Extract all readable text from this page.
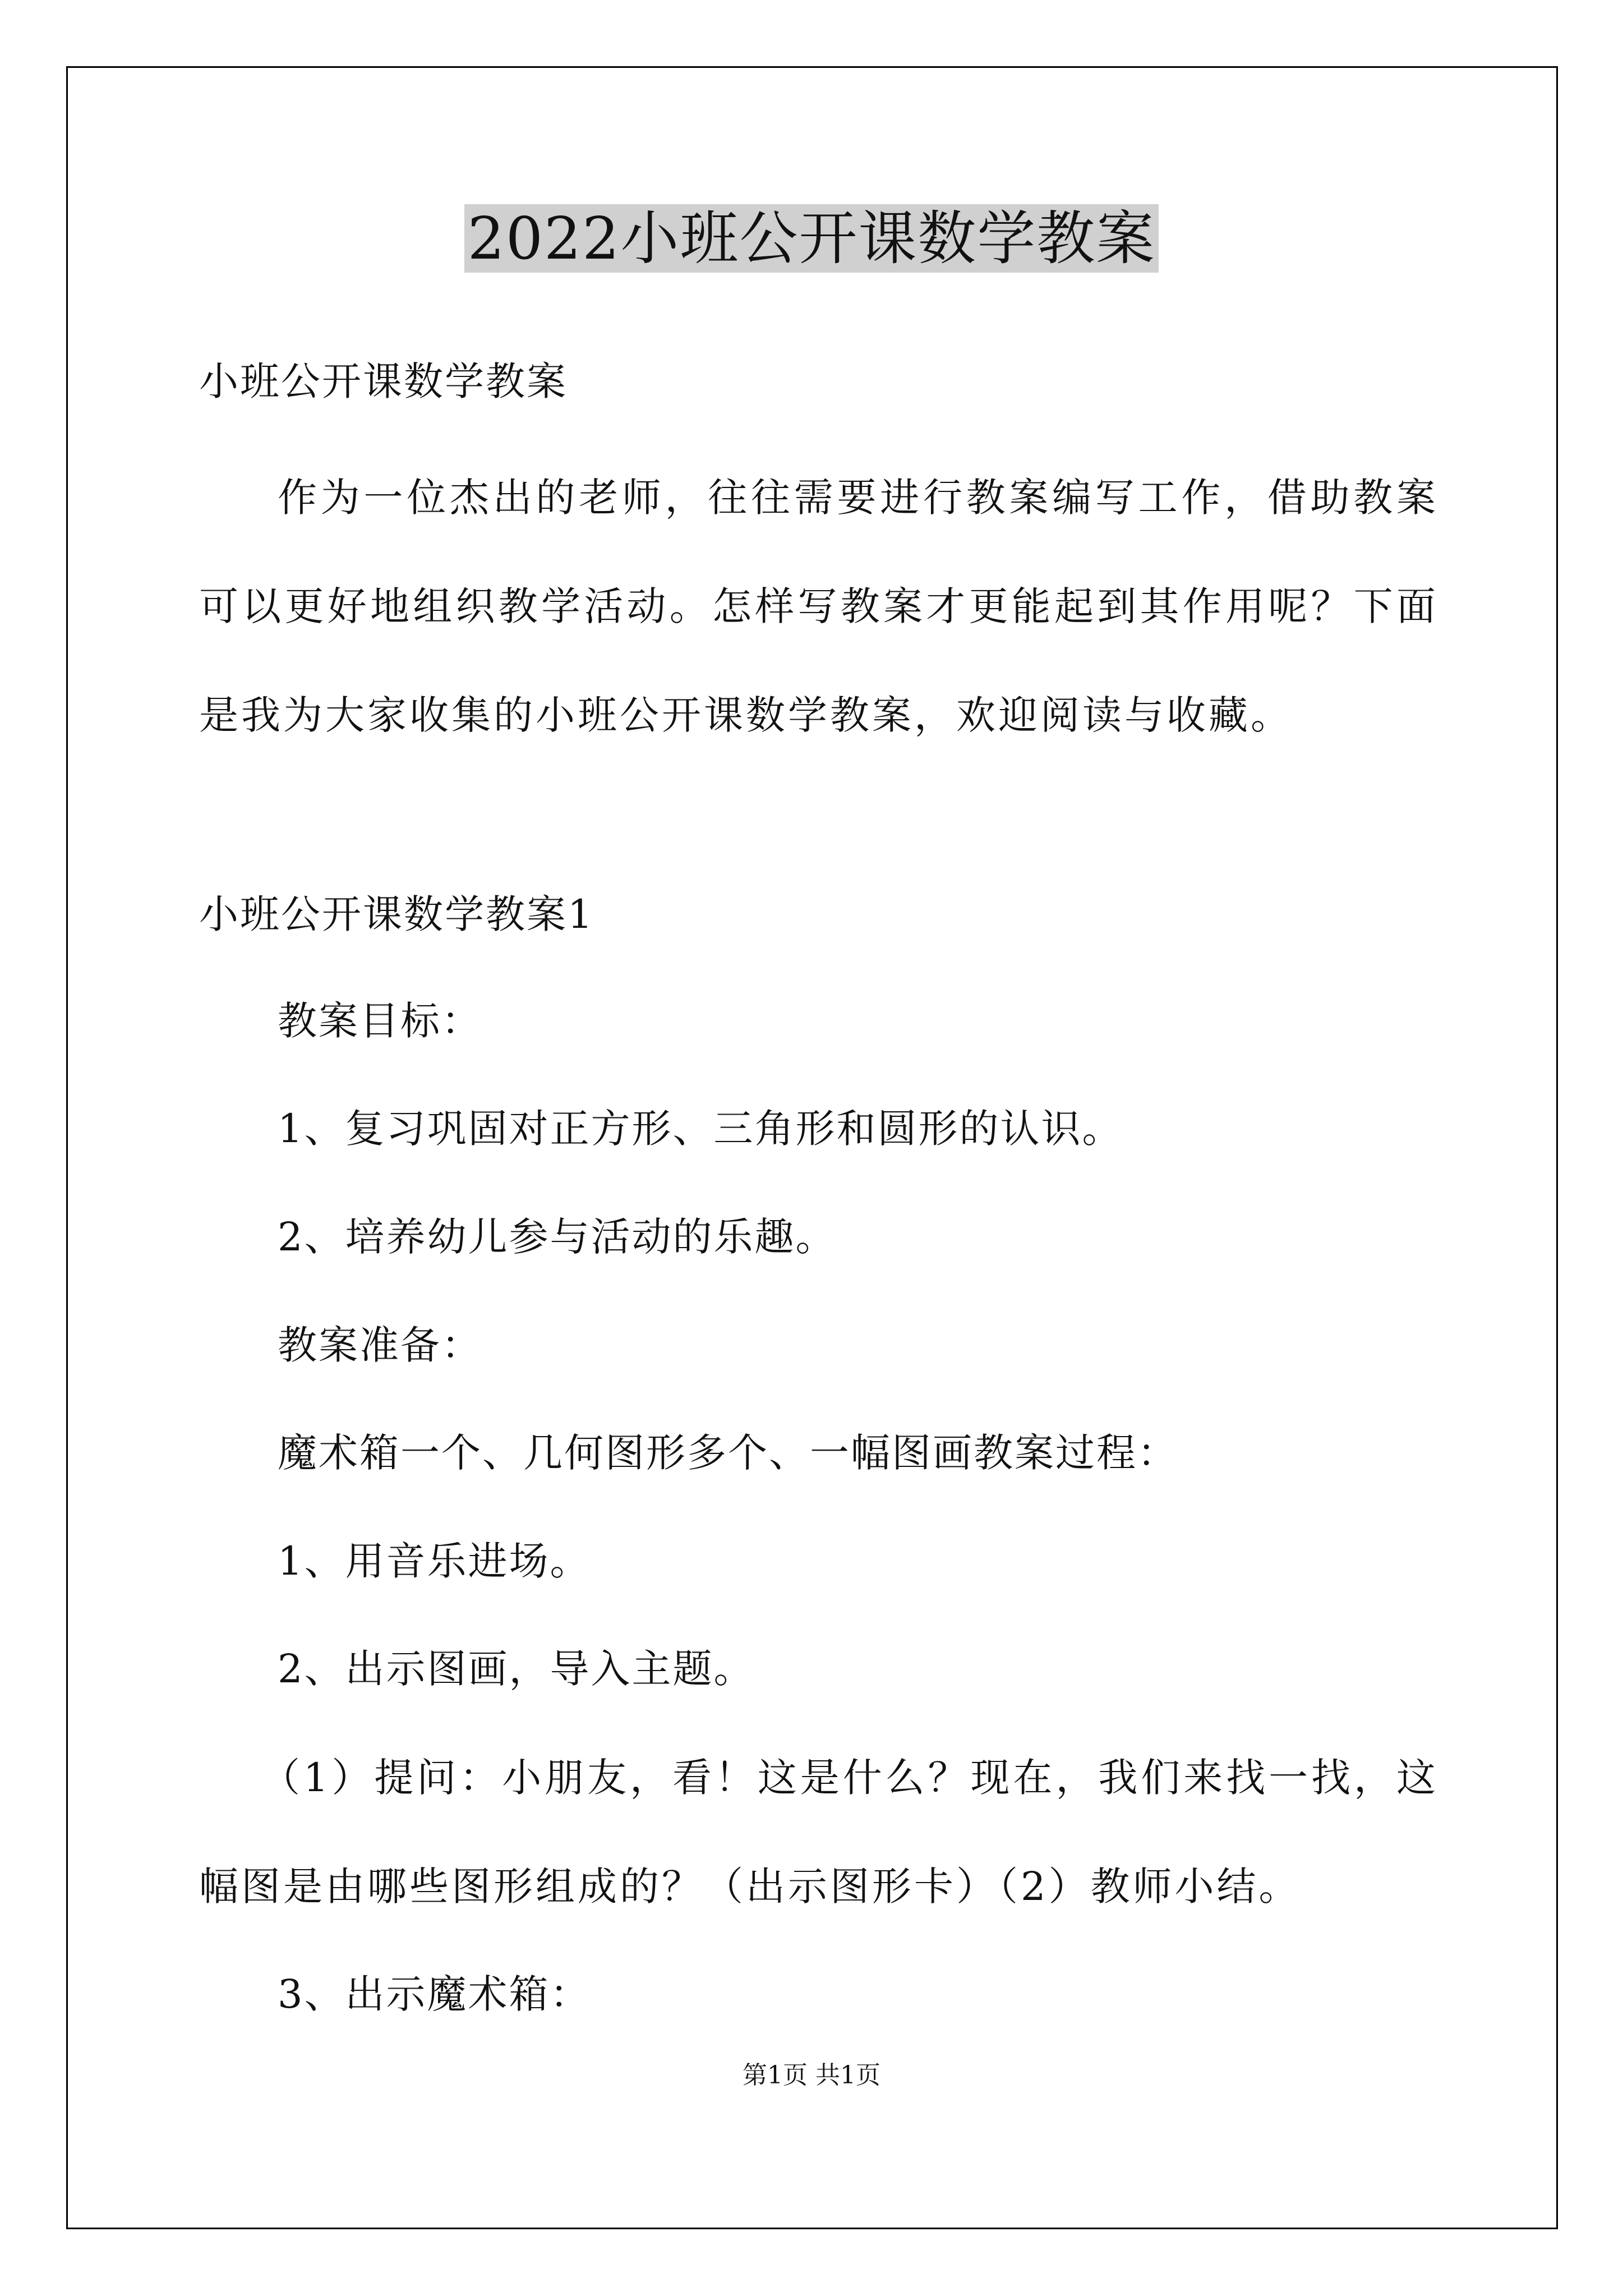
2022小班公开课数学教案
小班公开课数学教案
作为一位杰出的老师，往往需要进行教案编写工作，借助教案可以更好地组织教学活动。怎样写教案才更能起到其作用呢？下面是我为大家收集的小班公开课数学教案，欢迎阅读与收藏。
小班公开课数学教案1
教案目标：
1、复习巩固对正方形、三角形和圆形的认识。
2、培养幼儿参与活动的乐趣。
教案准备：
魔术箱一个、几何图形多个、一幅图画教案过程：
1、用音乐进场。
2、出示图画，导入主题。
（1）提问：小朋友，看！这是什么？现在，我们来找一找，这幅图是由哪些图形组成的？（出示图形卡）（2）教师小结。
3、出示魔术箱：
第1页 共1页
